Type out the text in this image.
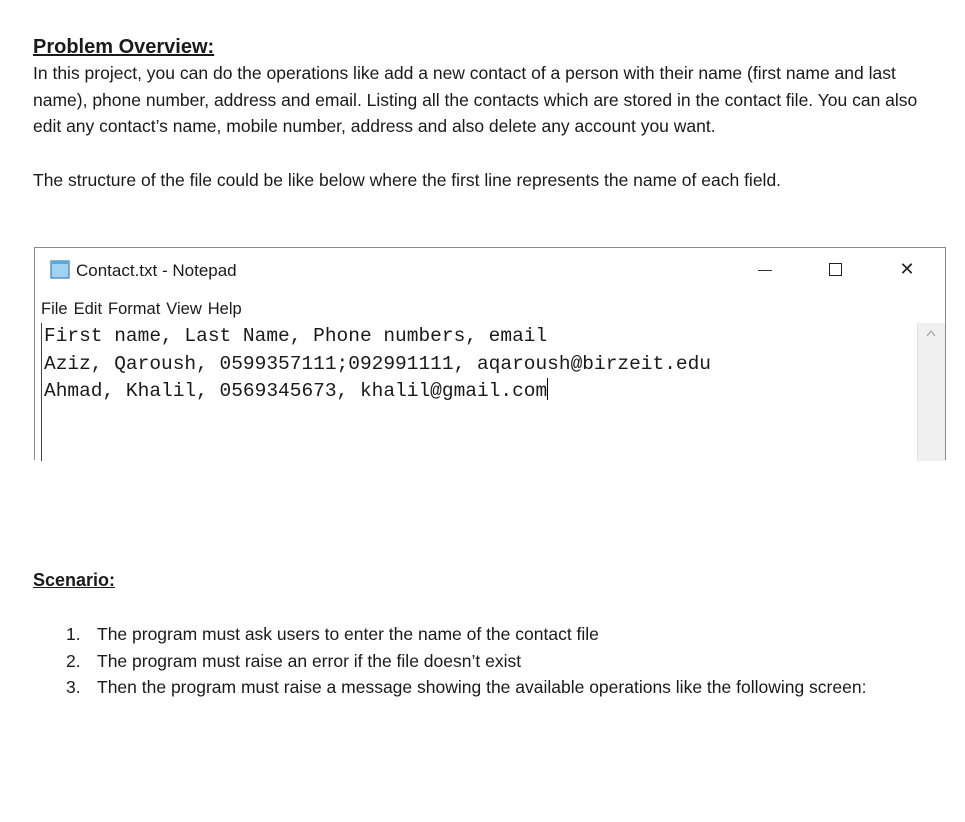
Problem Overview:

In this project, you can do the operations like add a new contact of a person with their name (first name and last name), phone number, address and email. Listing all the contacts which are stored in the contact file. You can also edit any contact’s name, mobile number, address and also delete any account you want.

The structure of the file could be like below where the first line represents the name of each field.

Contact.txt - Notepad	—	✕
File Edit Format View Help
First name, Last Name, Phone numbers, email
Aziz, Qaroush, 0599357111;092991111, aqaroush@birzeit.edu
Ahmad, Khalil, 0569345673, khalil@gmail.com

Scenario:

1. The program must ask users to enter the name of the contact file
2. The program must raise an error if the file doesn’t exist
3. Then the program must raise a message showing the available operations like the following screen:
